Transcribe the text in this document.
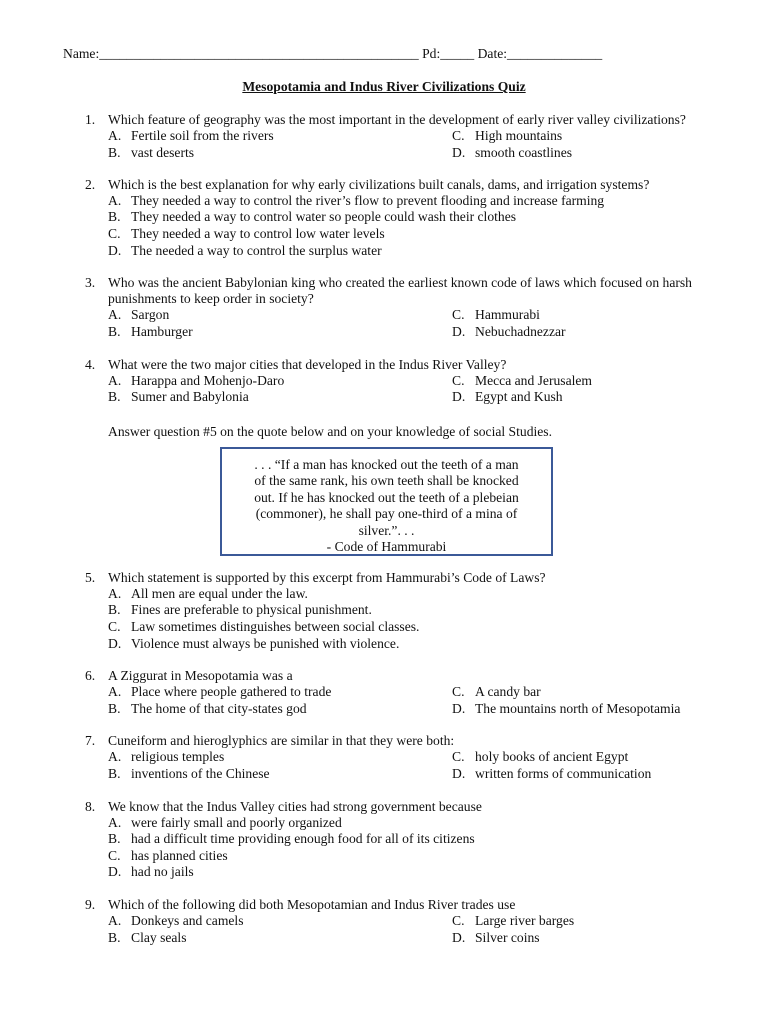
Name:_______________________________________________ Pd:_____ Date:______________
Mesopotamia and Indus River Civilizations Quiz
1. Which feature of geography was the most important in the development of early river valley civilizations?
A. Fertile soil from the rivers	C. High mountains
B. vast deserts	D. smooth coastlines
2. Which is the best explanation for why early civilizations built canals, dams, and irrigation systems?
A. They needed a way to control the river’s flow to prevent flooding and increase farming
B. They needed a way to control water so people could wash their clothes
C. They needed a way to control low water levels
D. The needed a way to control the surplus water
3. Who was the ancient Babylonian king who created the earliest known code of laws which focused on harsh
punishments to keep order in society?
A. Sargon	C. Hammurabi
B. Hamburger	D. Nebuchadnezzar
4. What were the two major cities that developed in the Indus River Valley?
A. Harappa and Mohenjo-Daro	C. Mecca and Jerusalem
B. Sumer and Babylonia	D. Egypt and Kush
Answer question #5 on the quote below and on your knowledge of social Studies.
. . . “If a man has knocked out the teeth of a man
of the same rank, his own teeth shall be knocked
out. If he has knocked out the teeth of a plebeian
(commoner), he shall pay one-third of a mina of
silver.”. . .
- Code of Hammurabi
5. Which statement is supported by this excerpt from Hammurabi’s Code of Laws?
A. All men are equal under the law.
B. Fines are preferable to physical punishment.
C. Law sometimes distinguishes between social classes.
D. Violence must always be punished with violence.
6. A Ziggurat in Mesopotamia was a
A. Place where people gathered to trade	C. A candy bar
B. The home of that city-states god	D. The mountains north of Mesopotamia
7. Cuneiform and hieroglyphics are similar in that they were both:
A. religious temples	C. holy books of ancient Egypt
B. inventions of the Chinese	D. written forms of communication
8. We know that the Indus Valley cities had strong government because
A. were fairly small and poorly organized
B. had a difficult time providing enough food for all of its citizens
C. has planned cities
D. had no jails
9. Which of the following did both Mesopotamian and Indus River trades use
A. Donkeys and camels	C. Large river barges
B. Clay seals	D. Silver coins
